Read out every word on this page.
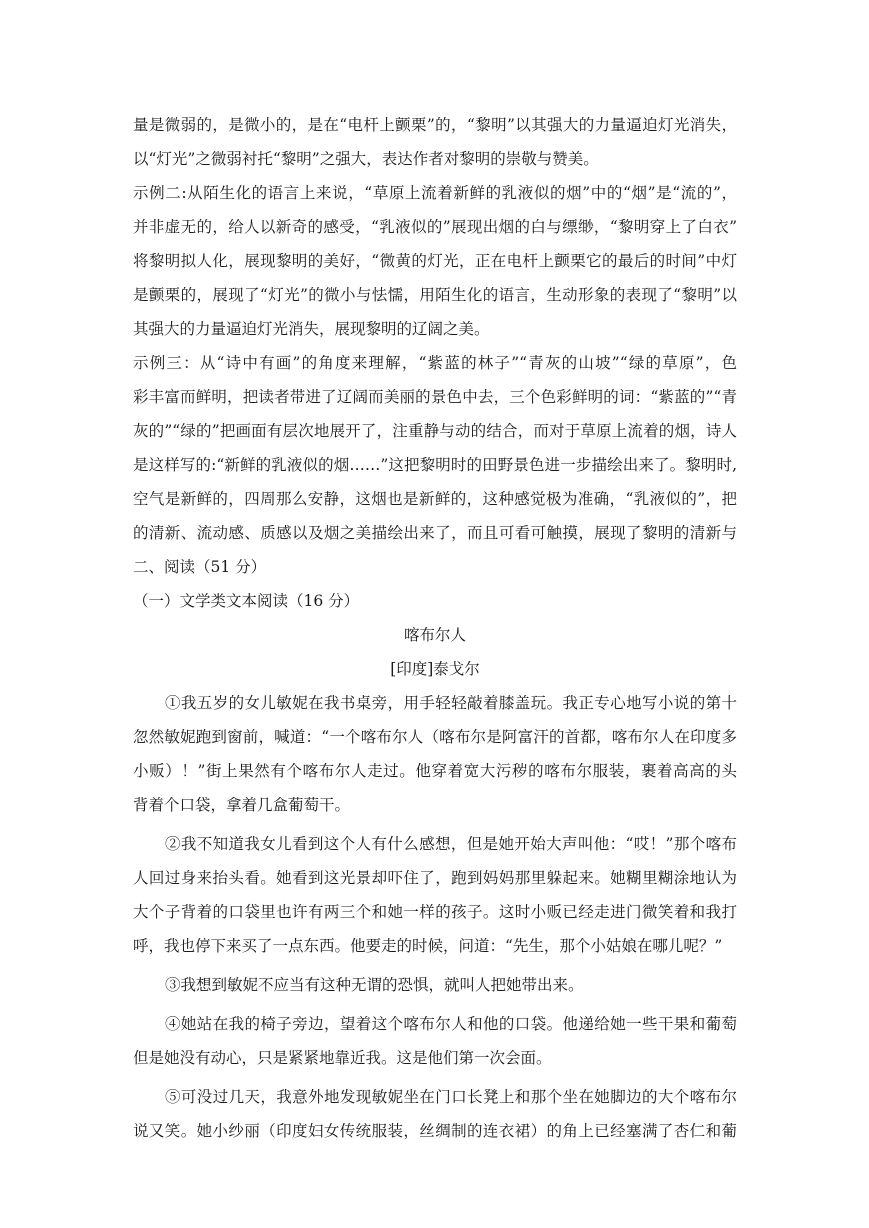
量是微弱的，是微小的，是在“电杆上颤栗”的，“黎明”以其强大的力量逼迫灯光消失，
以“灯光”之微弱衬托“黎明”之强大，表达作者对黎明的崇敬与赞美。
示例二:从陌生化的语言上来说，“草原上流着新鲜的乳液似的烟”中的“烟”是“流的”，
并非虚无的，给人以新奇的感受，“乳液似的”展现出烟的白与缥缈，“黎明穿上了白衣”
将黎明拟人化，展现黎明的美好，“微黄的灯光，正在电杆上颤栗它的最后的时间”中灯
是颤栗的，展现了“灯光”的微小与怯懦，用陌生化的语言，生动形象的表现了“黎明”以
其强大的力量逼迫灯光消失，展现黎明的辽阔之美。
示例三：从“诗中有画”的角度来理解，“紫蓝的林子”“青灰的山坡”“绿的草原”，色
彩丰富而鲜明，把读者带进了辽阔而美丽的景色中去，三个色彩鲜明的词：“紫蓝的”“青
灰的”“绿的”把画面有层次地展开了，注重静与动的结合，而对于草原上流着的烟，诗人
是这样写的:“新鲜的乳液似的烟……”这把黎明时的田野景色进一步描绘出来了。黎明时,
空气是新鲜的，四周那么安静，这烟也是新鲜的，这种感觉极为准确，“乳液似的”，把
的清新、流动感、质感以及烟之美描绘出来了，而且可看可触摸，展现了黎明的清新与
二、阅读（51 分）
（一）文学类文本阅读（16 分）
喀布尔人
[印度]泰戈尔
①我五岁的女儿敏妮在我书桌旁，用手轻轻敲着膝盖玩。我正专心地写小说的第十
忽然敏妮跑到窗前，喊道：“一个喀布尔人（喀布尔是阿富汗的首都，喀布尔人在印度多
小贩）！”街上果然有个喀布尔人走过。他穿着宽大污秽的喀布尔服装，裹着高高的头
背着个口袋，拿着几盒葡萄干。
②我不知道我女儿看到这个人有什么感想，但是她开始大声叫他：“哎！”那个喀布
人回过身来抬头看。她看到这光景却吓住了，跑到妈妈那里躲起来。她糊里糊涂地认为
大个子背着的口袋里也许有两三个和她一样的孩子。这时小贩已经走进门微笑着和我打
呼，我也停下来买了一点东西。他要走的时候，问道：“先生，那个小姑娘在哪儿呢？”
③我想到敏妮不应当有这种无谓的恐惧，就叫人把她带出来。
④她站在我的椅子旁边，望着这个喀布尔人和他的口袋。他递给她一些干果和葡萄
但是她没有动心，只是紧紧地靠近我。这是他们第一次会面。
⑤可没过几天，我意外地发现敏妮坐在门口长凳上和那个坐在她脚边的大个喀布尔
说又笑。她小纱丽（印度妇女传统服装，丝绸制的连衣裙）的角上已经塞满了杏仁和葡
